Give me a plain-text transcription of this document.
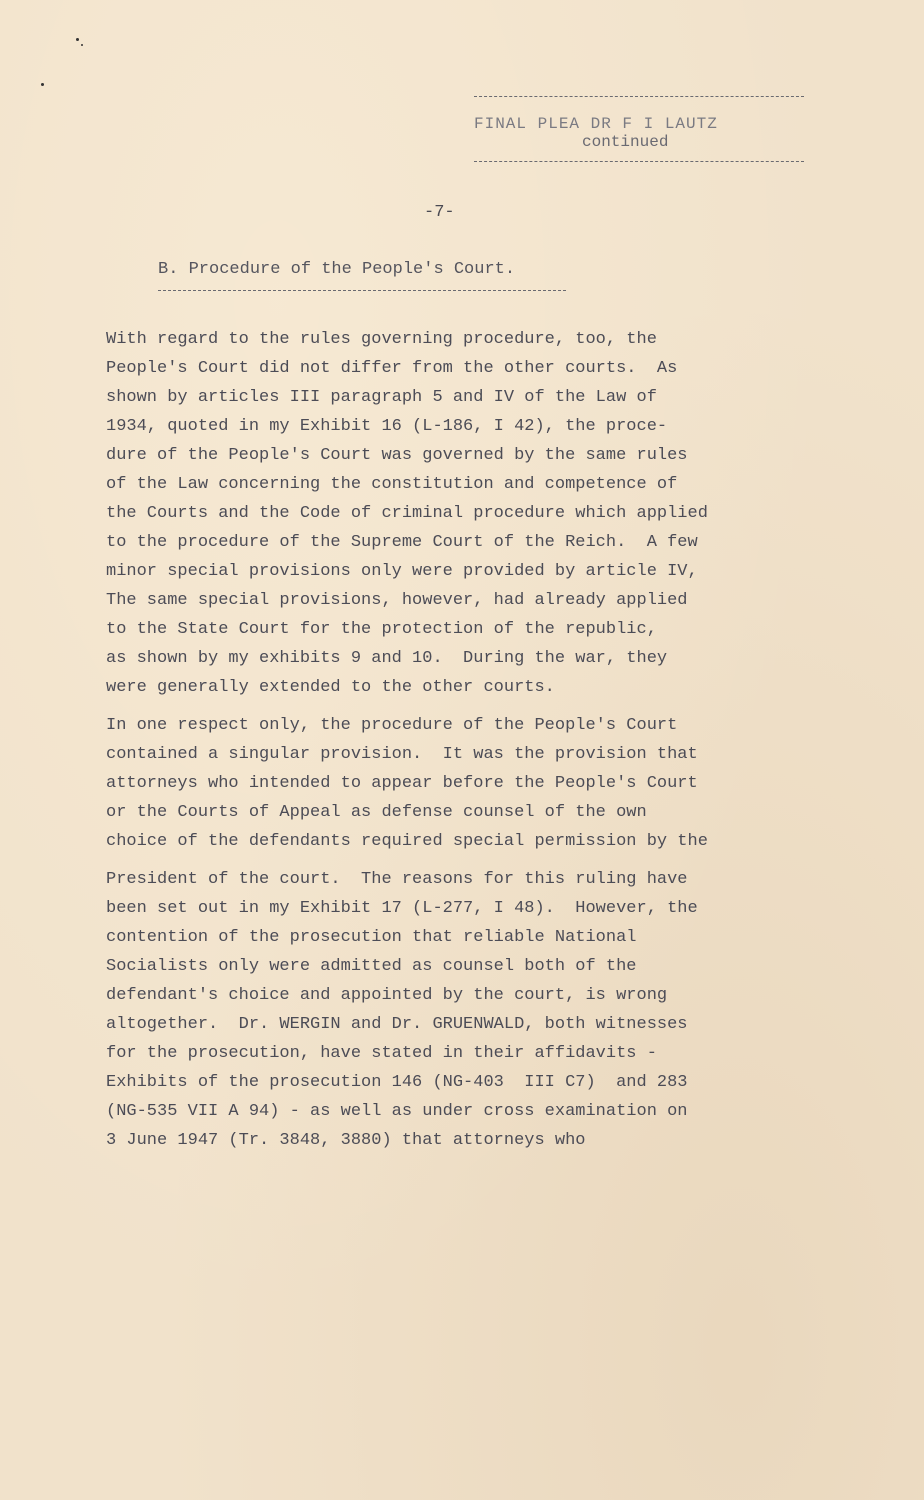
FINAL PLEA DR F I LAUTZ
continued
-7-
B. Procedure of the People's Court.
With regard to the rules governing procedure, too, the
People's Court did not differ from the other courts.  As
shown by articles III paragraph 5 and IV of the Law of
1934, quoted in my Exhibit 16 (L-186, I 42), the proce-
dure of the People's Court was governed by the same rules
of the Law concerning the constitution and competence of
the Courts and the Code of criminal procedure which applied
to the procedure of the Supreme Court of the Reich.  A few
minor special provisions only were provided by article IV,
The same special provisions, however, had already applied
to the State Court for the protection of the republic,
as shown by my exhibits 9 and 10.  During the war, they
were generally extended to the other courts.
In one respect only, the procedure of the People's Court
contained a singular provision.  It was the provision that
attorneys who intended to appear before the People's Court
or the Courts of Appeal as defense counsel of the own
choice of the defendants required special permission by the
President of the court.  The reasons for this ruling have
been set out in my Exhibit 17 (L-277, I 48).  However, the
contention of the prosecution that reliable National
Socialists only were admitted as counsel both of the
defendant's choice and appointed by the court, is wrong
altogether.  Dr. WERGIN and Dr. GRUENWALD, both witnesses
for the prosecution, have stated in their affidavits -
Exhibits of the prosecution 146 (NG-403  III C7)  and 283
(NG-535 VII A 94) - as well as under cross examination on
3 June 1947 (Tr. 3848, 3880) that attorneys who
